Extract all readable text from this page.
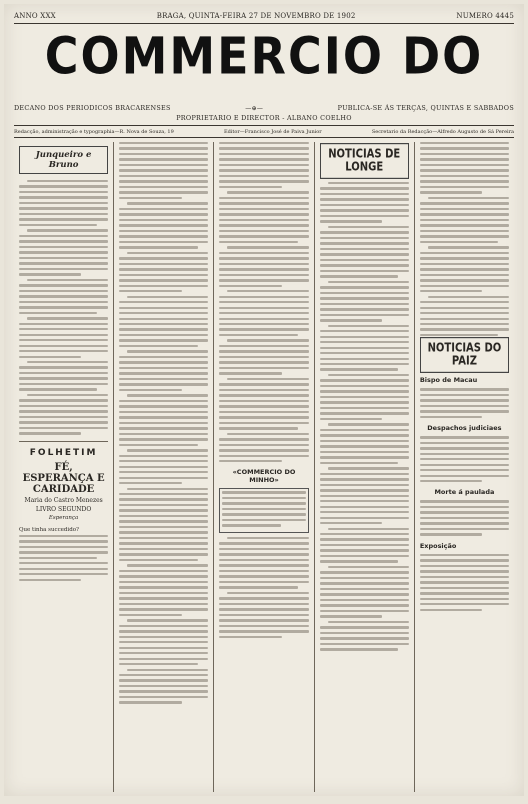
ANNO XXX	BRAGA, QUINTA-FEIRA 27 DE NOVEMBRO DE 1902	NUMERO 4445
COMMERCIO DO
DECANO DOS PERIODICOS BRACARENSES	—⊕—	PUBLICA-SE ÁS TERÇAS, QUINTAS E SABBADOS
PROPRIETARIO E DIRECTOR - ALBANO COELHO
Redacção, administração e typographia—R. Nova de Souza, 19	Editor—Francisco José de Paiva Junior	Secretario da Redacção—Alfredo Augusto de Sá Pereira
Junqueiro e Bruno
FOLHETIM
FÉ, ESPERANÇA E CARIDADE
Maria do Castro Menezes
LIVRO SEGUNDO
Esperança
Que tinha succedido?
«COMMERCIO DO MINHO»
NOTICIAS DE LONGE
NOTICIAS DO PAIZ
Bispo de Macau
Despachos judiciaes
Morte á paulada
Exposição
